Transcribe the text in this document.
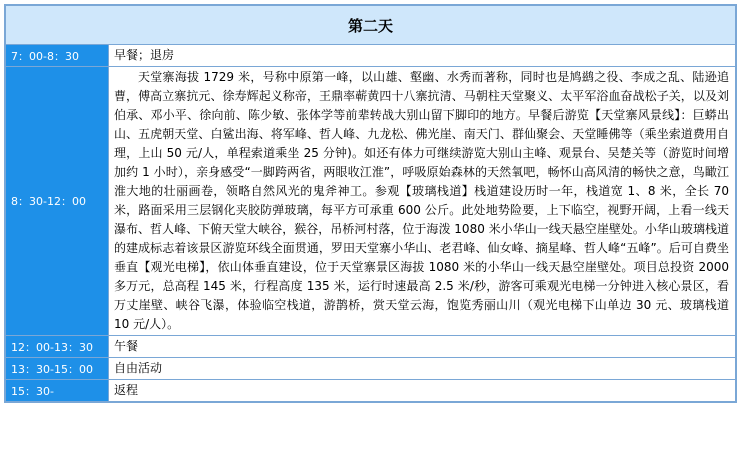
第二天	
7：00-8：30	早餐；退房
8：30-12：00	天堂寨海拔 1729 米，号称中原第一峰，以山雄、壑幽、水秀而著称，同时也是鸠鹚之役、李成之乱、陆逊追曹，傅高立寨抗元、徐寿辉起义称帝，王鼎率蕲黄四十八寨抗清、马朝柱天堂聚义、太平军浴血奋战松子关，以及刘伯承、邓小平、徐向前、陈少敏、张体学等前辈转战大别山留下脚印的地方。早餐后游览【天堂寨风景线】：巨蟒出山、五虎朝天堂、白鲨出海、将军峰、哲人峰、九龙松、佛光崖、南天门、群仙聚会、天堂睡佛等（乘坐索道费用自理，上山 50 元/人，单程索道乘坐 25 分钟)。如还有体力可继续游览大别山主峰、观景台、吴楚关等（游览时间增加约 1 小时），亲身感受“一脚跨两省，两眼收江淮”，呼吸原始森林的天然氧吧，畅怀山高风清的畅快之意，鸟瞰江淮大地的壮丽画卷，领略自然风光的鬼斧神工。参观【玻璃栈道】栈道建设历时一年，栈道宽 1、8 米，全长 70 米，路面采用三层钢化夹胶防弹玻璃，每平方可承重 600 公斤。此处地势险要，上下临空，视野开阔，上看一线天瀑布、哲人峰、下俯天堂大峡谷，猴谷，吊桥河村落，位于海泼 1080 米小华山一线天悬空崖壁处。小华山玻璃栈道的建成标志着该景区游览环线全面贯通，罗田天堂寨小华山、老君峰、仙女峰、摘星峰、哲人峰“五峰”。后可自费坐垂直【观光电梯】，依山体垂直建设，位于天堂寨景区海拔 1080 米的小华山一线天悬空崖壁处。项目总投资 2000 多万元，总高程 145 米，行程高度 135 米，运行时速最高 2.5 米/秒，游客可乘观光电梯一分钟进入核心景区，看万丈崖壁、峡谷飞瀑，体验临空栈道，游鹊桥，赏天堂云海，饱览秀丽山川（观光电梯下山单边 30 元、玻璃栈道 10 元/人）。

12：00-13：30	午餐
13：30-15：00	自由活动
15：30-	返程
